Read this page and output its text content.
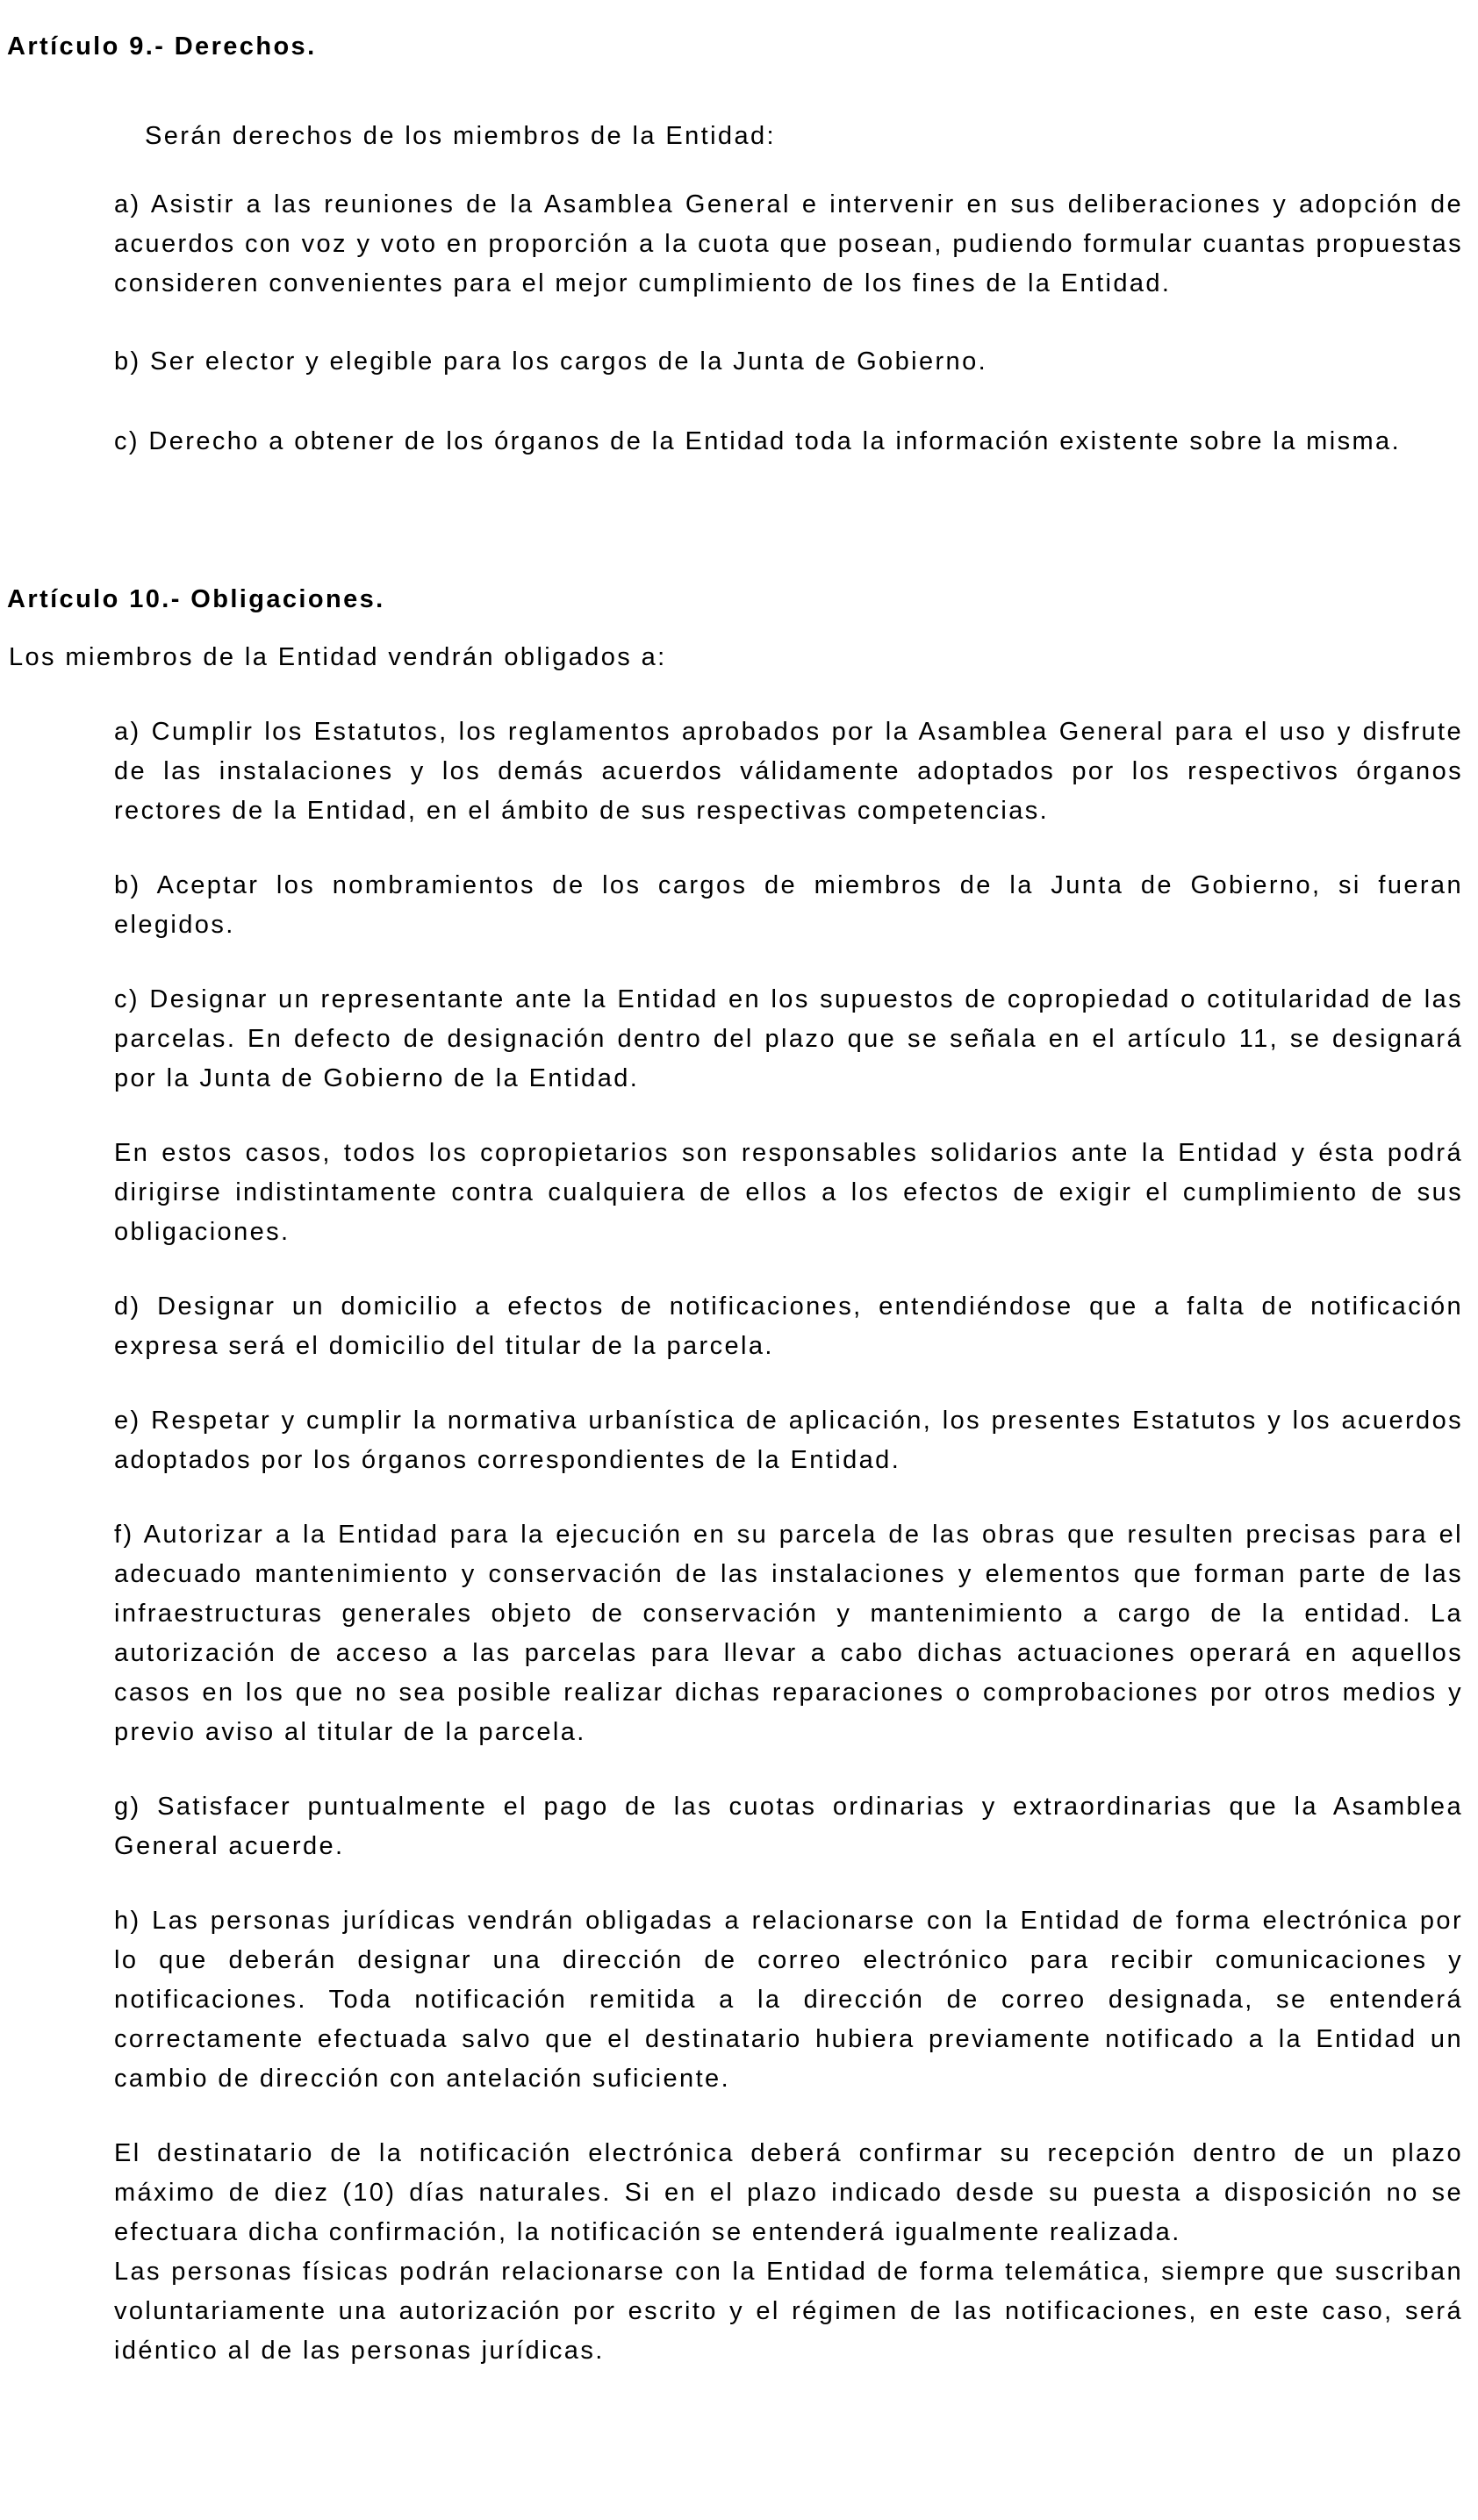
Artículo 9.- Derechos.

Serán derechos de los miembros de la Entidad:

a) Asistir a las reuniones de la Asamblea General e intervenir en sus deliberaciones y adopción de acuerdos con voz y voto en proporción a la cuota que posean, pudiendo formular cuantas propuestas consideren convenientes para el mejor cumplimiento de los fines de la Entidad.

b) Ser elector y elegible para los cargos de la Junta de Gobierno.

c) Derecho a obtener de los órganos de la Entidad toda la información existente sobre la misma.

Artículo 10.- Obligaciones.

Los miembros de la Entidad vendrán obligados a:

a) Cumplir los Estatutos, los reglamentos aprobados por la Asamblea General para el uso y disfrute de las instalaciones y los demás acuerdos válidamente adoptados por los respectivos órganos rectores de la Entidad, en el ámbito de sus respectivas competencias.

b) Aceptar los nombramientos de los cargos de miembros de la Junta de Gobierno, si fueran elegidos.

c) Designar un representante ante la Entidad en los supuestos de copropiedad o cotitularidad de las parcelas. En defecto de designación dentro del plazo que se señala en el artículo 11, se designará por la Junta de Gobierno de la Entidad.

En estos casos, todos los copropietarios son responsables solidarios ante la Entidad y ésta podrá dirigirse indistintamente contra cualquiera de ellos a los efectos de exigir el cumplimiento de sus obligaciones.

d) Designar un domicilio a efectos de notificaciones, entendiéndose que a falta de notificación expresa será el domicilio del titular de la parcela.

e) Respetar y cumplir la normativa urbanística de aplicación, los presentes Estatutos y los acuerdos adoptados por los órganos correspondientes de la Entidad.

f) Autorizar a la Entidad para la ejecución en su parcela de las obras que resulten precisas para el adecuado mantenimiento y conservación de las instalaciones y elementos que forman parte de las infraestructuras generales objeto de conservación y mantenimiento a cargo de la entidad. La autorización de acceso a las parcelas para llevar a cabo dichas actuaciones operará en aquellos casos en los que no sea posible realizar dichas reparaciones o comprobaciones por otros medios y previo aviso al titular de la parcela.

g) Satisfacer puntualmente el pago de las cuotas ordinarias y extraordinarias que la Asamblea General acuerde.

h) Las personas jurídicas vendrán obligadas a relacionarse con la Entidad de forma electrónica por lo que deberán designar una dirección de correo electrónico para recibir comunicaciones y notificaciones. Toda notificación remitida a la dirección de correo designada, se entenderá correctamente efectuada salvo que el destinatario hubiera previamente notificado a la Entidad un cambio de dirección con antelación suficiente.

El destinatario de la notificación electrónica deberá confirmar su recepción dentro de un plazo máximo de diez (10) días naturales. Si en el plazo indicado desde su puesta a disposición no se efectuara dicha confirmación, la notificación se entenderá igualmente realizada.

Las personas físicas podrán relacionarse con la Entidad de forma telemática, siempre que suscriban voluntariamente una autorización por escrito y el régimen de las notificaciones, en este caso, será idéntico al de las personas jurídicas.
